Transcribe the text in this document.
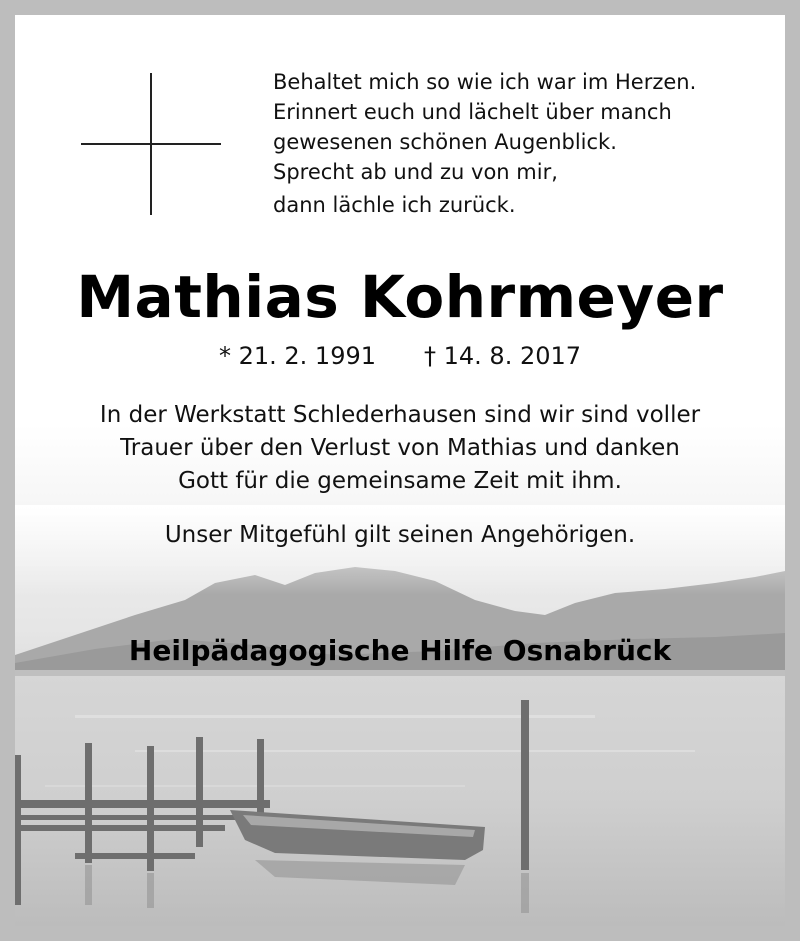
Behaltet mich so wie ich war im Herzen.
Erinnert euch und lächelt über manch
gewesenen schönen Augenblick.
Sprecht ab und zu von mir,
dann lächle ich zurück.
Mathias Kohrmeyer
* 21. 2. 1991 † 14. 8. 2017
In der Werkstatt Schlederhausen sind wir sind voller
Trauer über den Verlust von Mathias und danken
Gott für die gemeinsame Zeit mit ihm.
Unser Mitgefühl gilt seinen Angehörigen.
Heilpädagogische Hilfe Osnabrück
